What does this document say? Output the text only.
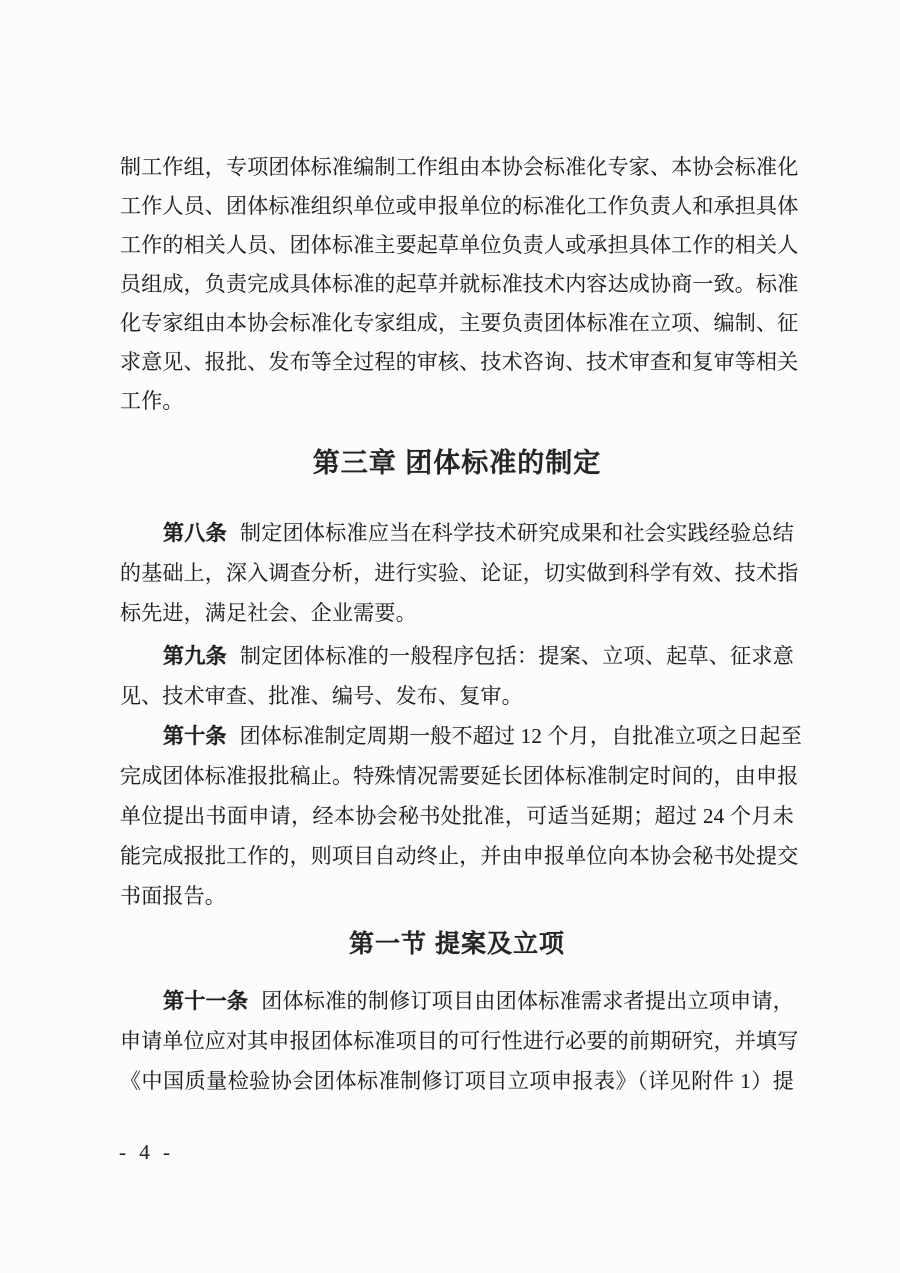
制工作组，专项团体标准编制工作组由本协会标准化专家、本协会标准化
工作人员、团体标准组织单位或申报单位的标准化工作负责人和承担具体
工作的相关人员、团体标准主要起草单位负责人或承担具体工作的相关人
员组成，负责完成具体标准的起草并就标准技术内容达成协商一致。标准
化专家组由本协会标准化专家组成，主要负责团体标准在立项、编制、征
求意见、报批、发布等全过程的审核、技术咨询、技术审查和复审等相关
工作。
第三章 团体标准的制定
第八条 制定团体标准应当在科学技术研究成果和社会实践经验总结
的基础上，深入调查分析，进行实验、论证，切实做到科学有效、技术指
标先进，满足社会、企业需要。
第九条 制定团体标准的一般程序包括：提案、立项、起草、征求意
见、技术审查、批准、编号、发布、复审。
第十条 团体标准制定周期一般不超过 12 个月，自批准立项之日起至
完成团体标准报批稿止。特殊情况需要延长团体标准制定时间的，由申报
单位提出书面申请，经本协会秘书处批准，可适当延期；超过 24 个月未
能完成报批工作的，则项目自动终止，并由申报单位向本协会秘书处提交
书面报告。
第一节 提案及立项
第十一条 团体标准的制修订项目由团体标准需求者提出立项申请，
申请单位应对其申报团体标准项目的可行性进行必要的前期研究，并填写
《中国质量检验协会团体标准制修订项目立项申报表》（详见附件 1）提
- 4 -
